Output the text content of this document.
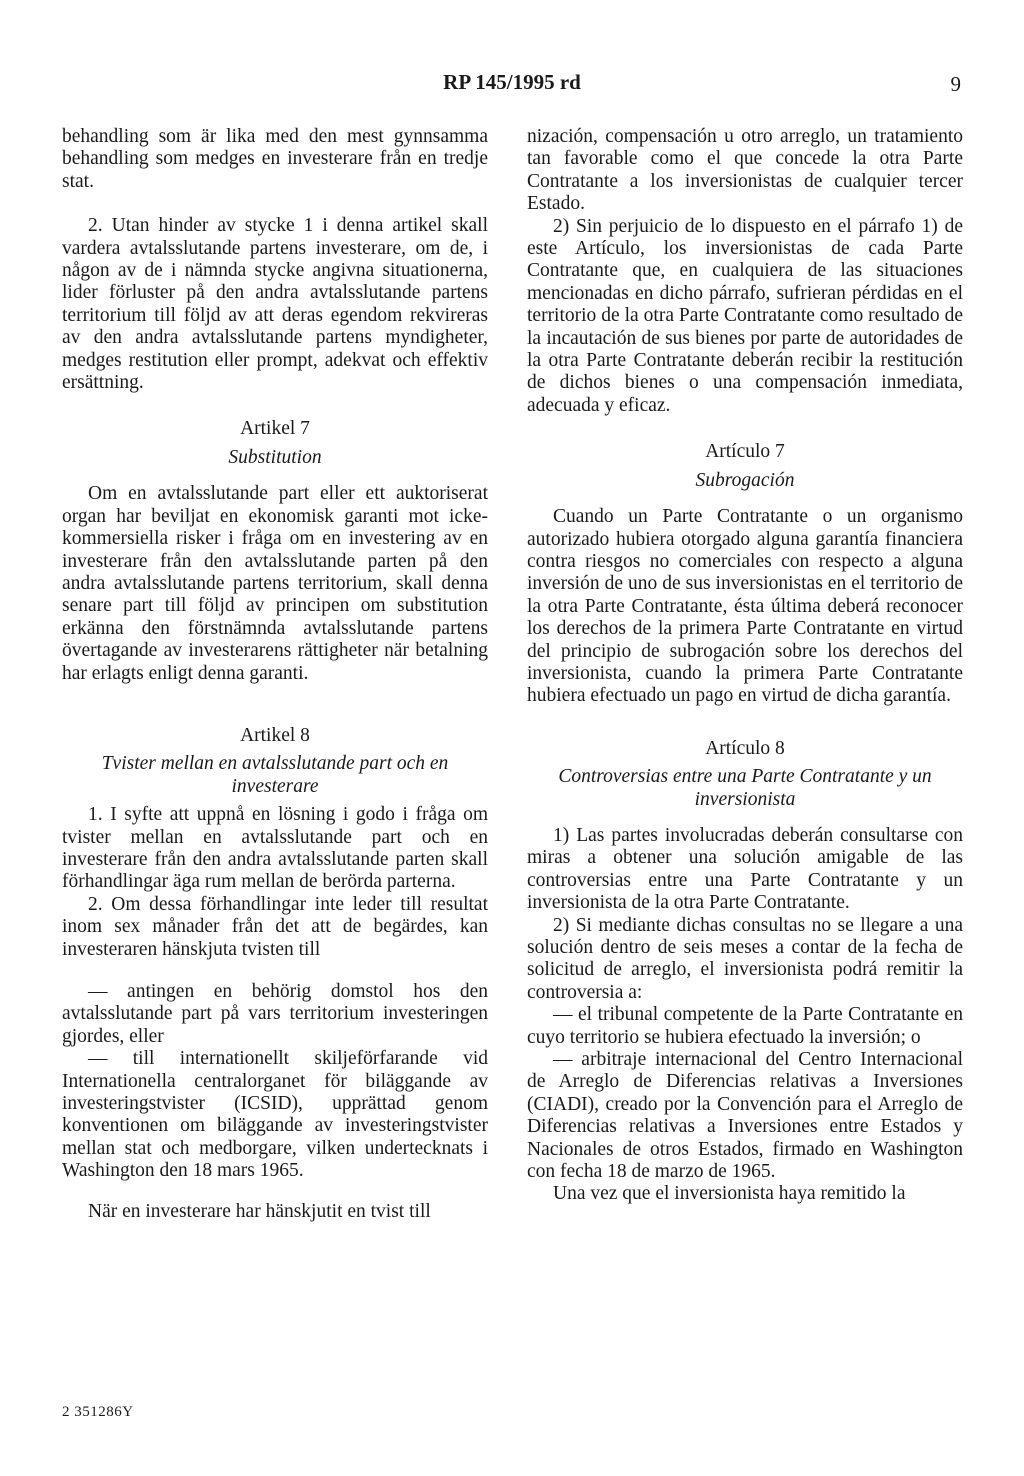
RP 145/1995 rd	9

behandling som är lika med den mest gynnsamma behandling som medges en investerare från en tredje stat.

2. Utan hinder av stycke 1 i denna artikel skall vardera avtalsslutande partens investerare, om de, i någon av de i nämnda stycke angivna situationerna, lider förluster på den andra avtalsslutande partens territorium till följd av att deras egendom rekvireras av den andra avtalsslutande partens myndigheter, medges restitution eller prompt, adekvat och effektiv ersättning.

Artikel 7

Substitution

Om en avtalsslutande part eller ett auktoriserat organ har beviljat en ekonomisk garanti mot icke-kommersiella risker i fråga om en investering av en investerare från den avtalsslutande parten på den andra avtalsslutande partens territorium, skall denna senare part till följd av principen om substitution erkänna den förstnämnda avtalsslutande partens övertagande av investerarens rättigheter när betalning har erlagts enligt denna garanti.

Artikel 8

Tvister mellan en avtalsslutande part och en investerare

1. I syfte att uppnå en lösning i godo i fråga om tvister mellan en avtalsslutande part och en investerare från den andra avtalsslutande parten skall förhandlingar äga rum mellan de berörda parterna.

2. Om dessa förhandlingar inte leder till resultat inom sex månader från det att de begärdes, kan investeraren hänskjuta tvisten till

— antingen en behörig domstol hos den avtalsslutande part på vars territorium investeringen gjordes, eller

— till internationellt skiljeförfarande vid Internationella centralorganet för biläggande av investeringstvister (ICSID), upprättad genom konventionen om biläggande av investeringstvister mellan stat och medborgare, vilken undertecknats i Washington den 18 mars 1965.

När en investerare har hänskjutit en tvist till

nización, compensación u otro arreglo, un tratamiento tan favorable como el que concede la otra Parte Contratante a los inversionistas de cualquier tercer Estado.

2) Sin perjuicio de lo dispuesto en el párrafo 1) de este Artículo, los inversionistas de cada Parte Contratante que, en cualquiera de las situaciones mencionadas en dicho párrafo, sufrieran pérdidas en el territorio de la otra Parte Contratante como resultado de la incautación de sus bienes por parte de autoridades de la otra Parte Contratante deberán recibir la restitución de dichos bienes o una compensación inmediata, adecuada y eficaz.

Artículo 7

Subrogación

Cuando un Parte Contratante o un organismo autorizado hubiera otorgado alguna garantía financiera contra riesgos no comerciales con respecto a alguna inversión de uno de sus inversionistas en el territorio de la otra Parte Contratante, ésta última deberá reconocer los derechos de la primera Parte Contratante en virtud del principio de subrogación sobre los derechos del inversionista, cuando la primera Parte Contratante hubiera efectuado un pago en virtud de dicha garantía.

Artículo 8

Controversias entre una Parte Contratante y un inversionista

1) Las partes involucradas deberán consultarse con miras a obtener una solución amigable de las controversias entre una Parte Contratante y un inversionista de la otra Parte Contratante.

2) Si mediante dichas consultas no se llegare a una solución dentro de seis meses a contar de la fecha de solicitud de arreglo, el inversionista podrá remitir la controversia a:

— el tribunal competente de la Parte Contratante en cuyo territorio se hubiera efectuado la inversión; o

— arbitraje internacional del Centro Internacional de Arreglo de Diferencias relativas a Inversiones (CIADI), creado por la Convención para el Arreglo de Diferencias relativas a Inversiones entre Estados y Nacionales de otros Estados, firmado en Washington con fecha 18 de marzo de 1965.

Una vez que el inversionista haya remitido la

2 351286Y
